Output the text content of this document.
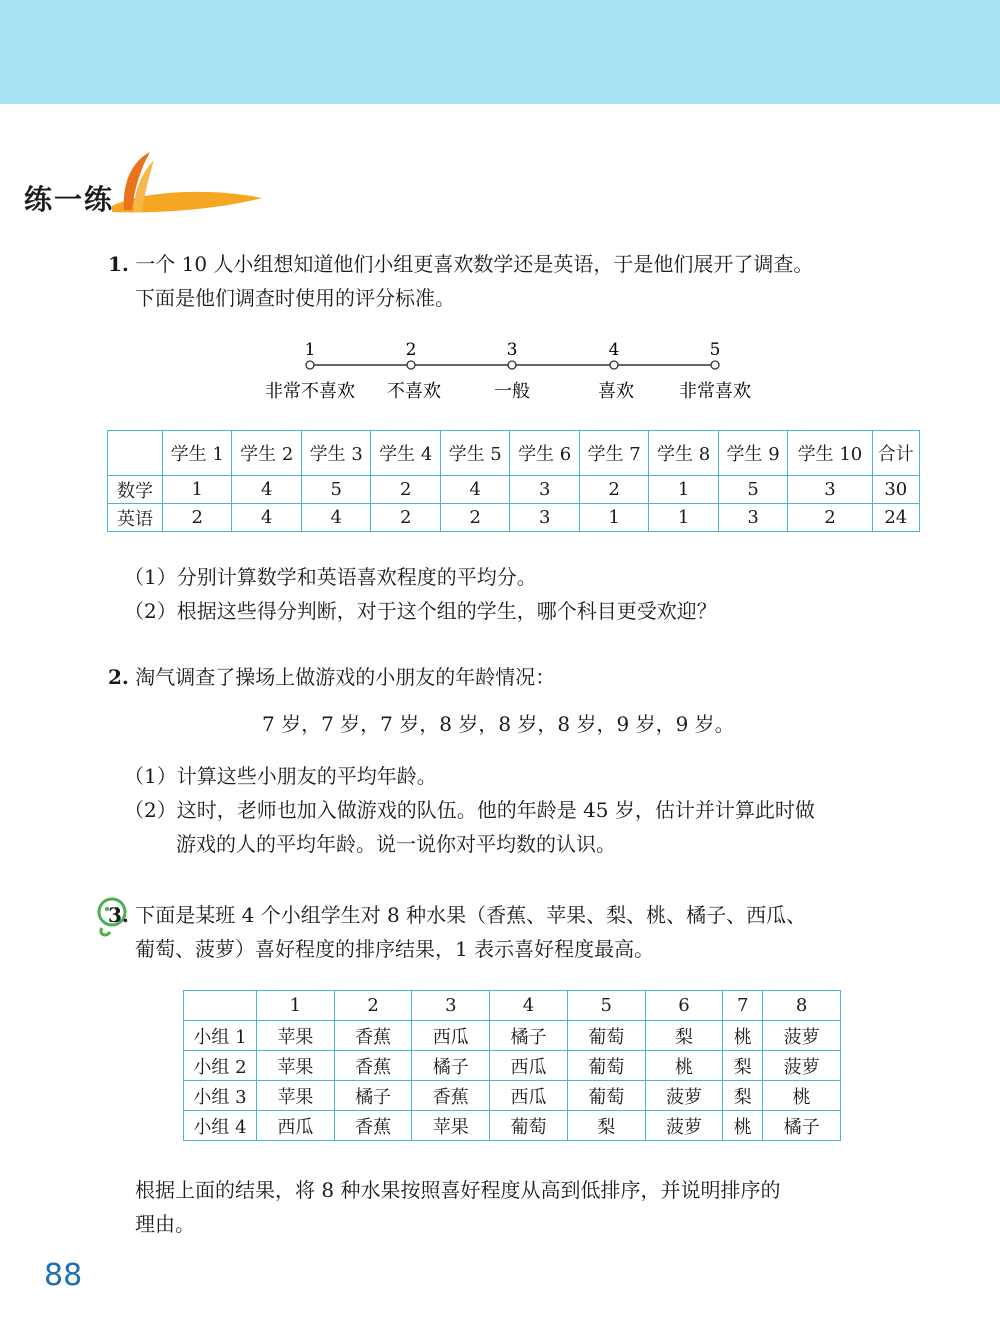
练一练
1. 一个 10 人小组想知道他们小组更喜欢数学还是英语，于是他们展开了调查。
下面是他们调查时使用的评分标准。
1
非常不喜欢
2
不喜欢
3
一般
4
喜欢
5
非常喜欢
	学生 1	学生 2	学生 3	学生 4	学生 5	学生 6	学生 7	学生 8	学生 9	学生 10	合计
数学	1	4	5	2	4	3	2	1	5	3	30
英语	2	4	4	2	2	3	1	1	3	2	24
（1）分别计算数学和英语喜欢程度的平均分。
（2）根据这些得分判断，对于这个组的学生，哪个科目更受欢迎？
2. 淘气调查了操场上做游戏的小朋友的年龄情况：
7 岁，7 岁，7 岁，8 岁，8 岁，8 岁，9 岁，9 岁。
（1）计算这些小朋友的平均年龄。
（2）这时，老师也加入做游戏的队伍。他的年龄是 45 岁，估计并计算此时做
游戏的人的平均年龄。说一说你对平均数的认识。
3. 下面是某班 4 个小组学生对 8 种水果（香蕉、苹果、梨、桃、橘子、西瓜、
葡萄、菠萝）喜好程度的排序结果，1 表示喜好程度最高。
	1	2	3	4	5	6	7	8
小组 1	苹果	香蕉	西瓜	橘子	葡萄	梨	桃	菠萝
小组 2	苹果	香蕉	橘子	西瓜	葡萄	桃	梨	菠萝
小组 3	苹果	橘子	香蕉	西瓜	葡萄	菠萝	梨	桃
小组 4	西瓜	香蕉	苹果	葡萄	梨	菠萝	桃	橘子
根据上面的结果，将 8 种水果按照喜好程度从高到低排序，并说明排序的
理由。
88
